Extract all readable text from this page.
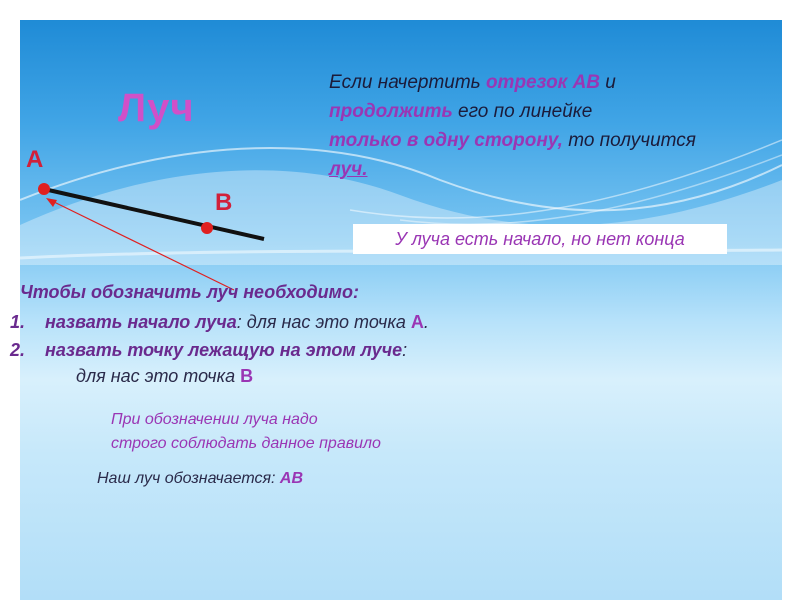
Луч
А
В
Если начертить отрезок АВ и
продолжить его по линейке
только в одну сторону, то получится луч.
У луча есть начало, но нет конца
Чтобы обозначить луч необходимо:
1. назвать начало луча: для нас это точка А.
2. назвать точку лежащую на этом луче:
для нас это точка В
При обозначении луча надо
строго соблюдать данное правило
Наш луч обозначается: АВ
